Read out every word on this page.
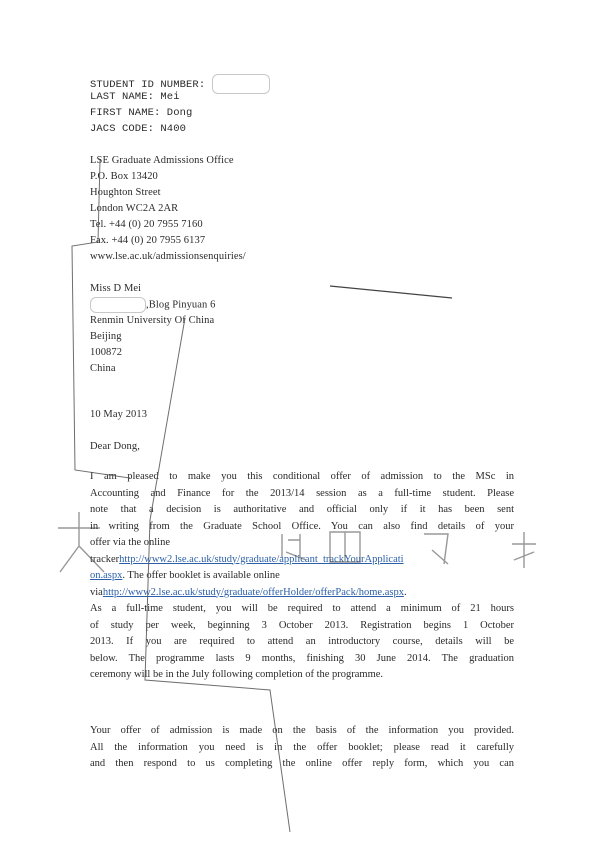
STUDENT ID NUMBER:
LAST NAME: Mei
FIRST NAME: Dong
JACS CODE: N400
LSE Graduate Admissions Office
P.O. Box 13420
Houghton Street
London WC2A 2AR
Tel. +44 (0) 20 7955 7160
Fax. +44 (0) 20 7955 6137
www.lse.ac.uk/admissionsenquiries/
Miss D Mei
,Blog Pinyuan 6
Renmin University Of China
Beijing
100872
China
10 May 2013
Dear Dong,
I am pleased to make you this conditional offer of admission to the MSc in
Accounting and Finance for the 2013/14 session as a full-time student. Please
note that a decision is authoritative and official only if it has been sent
in writing from the Graduate School Office. You can also find details of your
offer via the online
trackerhttp://www2.lse.ac.uk/study/graduate/applicant_trackYourApplicati
on.aspx. The offer booklet is available online
viahttp://www2.lse.ac.uk/study/graduate/offerHolder/offerPack/home.aspx.
As a full-time student, you will be required to attend a minimum of 21 hours
of study per week, beginning 3 October 2013. Registration begins 1 October
2013. If you are required to attend an introductory course, details will be
below. The programme lasts 9 months, finishing 30 June 2014. The graduation
ceremony will be in the July following completion of the programme.
Your offer of admission is made on the basis of the information you provided.
All the information you need is in the offer booklet; please read it carefully
and then respond to us completing the online offer reply form, which you can
